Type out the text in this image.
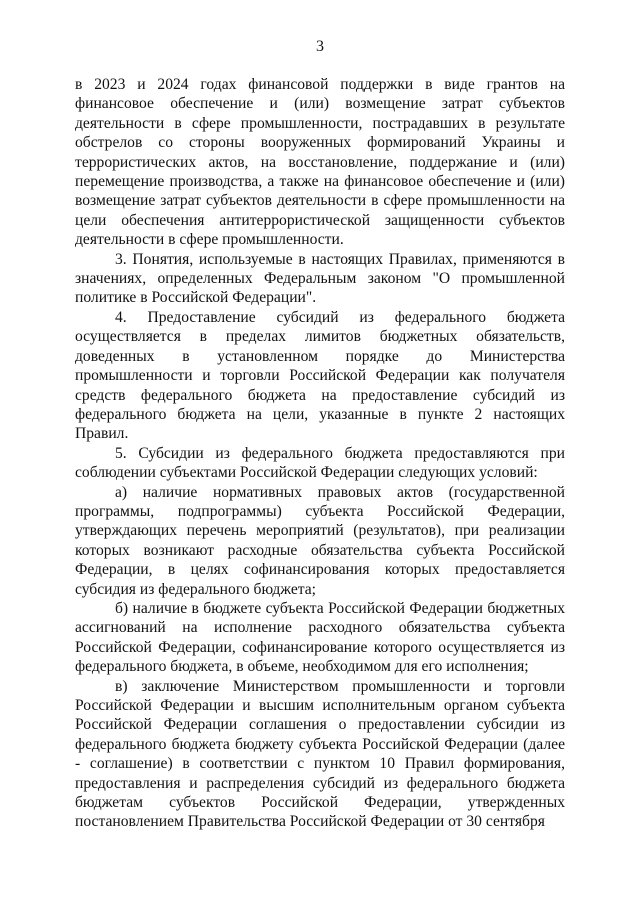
3

в 2023 и 2024 годах финансовой поддержки в виде грантов на финансовое обеспечение и (или) возмещение затрат субъектов деятельности в сфере промышленности, пострадавших в результате обстрелов со стороны вооруженных формирований Украины и террористических актов, на восстановление, поддержание и (или) перемещение производства, а также на финансовое обеспечение и (или) возмещение затрат субъектов деятельности в сфере промышленности на цели обеспечения антитеррористической защищенности субъектов деятельности в сфере промышленности.

3. Понятия, используемые в настоящих Правилах, применяются в значениях, определенных Федеральным законом "О промышленной политике в Российской Федерации".

4. Предоставление субсидий из федерального бюджета осуществляется в пределах лимитов бюджетных обязательств, доведенных в установленном порядке до Министерства промышленности и торговли Российской Федерации как получателя средств федерального бюджета на предоставление субсидий из федерального бюджета на цели, указанные в пункте 2 настоящих Правил.

5. Субсидии из федерального бюджета предоставляются при соблюдении субъектами Российской Федерации следующих условий:

а) наличие нормативных правовых актов (государственной программы, подпрограммы) субъекта Российской Федерации, утверждающих перечень мероприятий (результатов), при реализации которых возникают расходные обязательства субъекта Российской Федерации, в целях софинансирования которых предоставляется субсидия из федерального бюджета;

б) наличие в бюджете субъекта Российской Федерации бюджетных ассигнований на исполнение расходного обязательства субъекта Российской Федерации, софинансирование которого осуществляется из федерального бюджета, в объеме, необходимом для его исполнения;

в) заключение Министерством промышленности и торговли Российской Федерации и высшим исполнительным органом субъекта Российской Федерации соглашения о предоставлении субсидии из федерального бюджета бюджету субъекта Российской Федерации (далее - соглашение) в соответствии с пунктом 10 Правил формирования, предоставления и распределения субсидий из федерального бюджета бюджетам субъектов Российской Федерации, утвержденных постановлением Правительства Российской Федерации от 30 сентября
